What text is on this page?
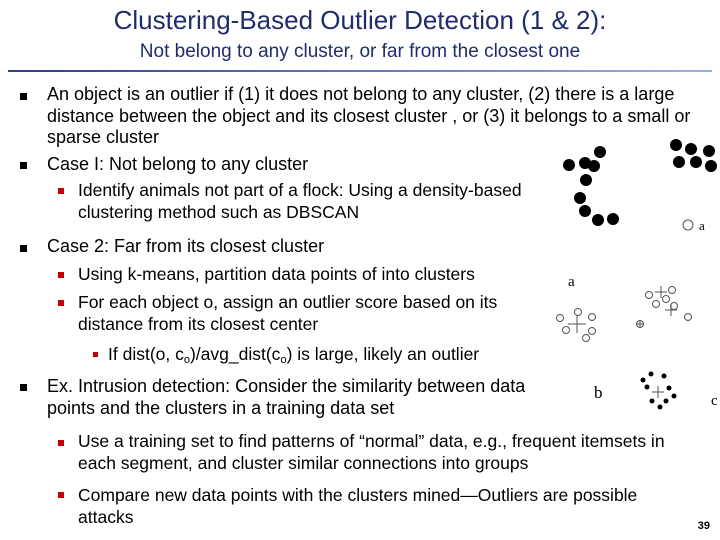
Clustering-Based Outlier Detection (1 & 2):
Not belong to any cluster, or far from the closest one
An object is an outlier if (1) it does not belong to any cluster, (2) there is a large distance between the object and its closest cluster , or (3) it belongs to a small or sparse cluster
Case I: Not belong to any cluster
Identify animals not part of a flock: Using a density-based clustering method such as DBSCAN
Case 2: Far from its closest cluster
Using k-means, partition data points of into clusters
For each object o, assign an outlier score based on its distance from its closest center
If dist(o, $c_o)/avg\_dist(c_o)$ is large, likely an outlier
Ex. Intrusion detection: Consider the similarity between data points and the clusters in a training data set
Use a training set to find patterns of “normal” data, e.g., frequent itemsets in each segment, and cluster similar connections into groups
Compare new data points with the clusters mined—Outliers are possible attacks
a
a
b	c
39
